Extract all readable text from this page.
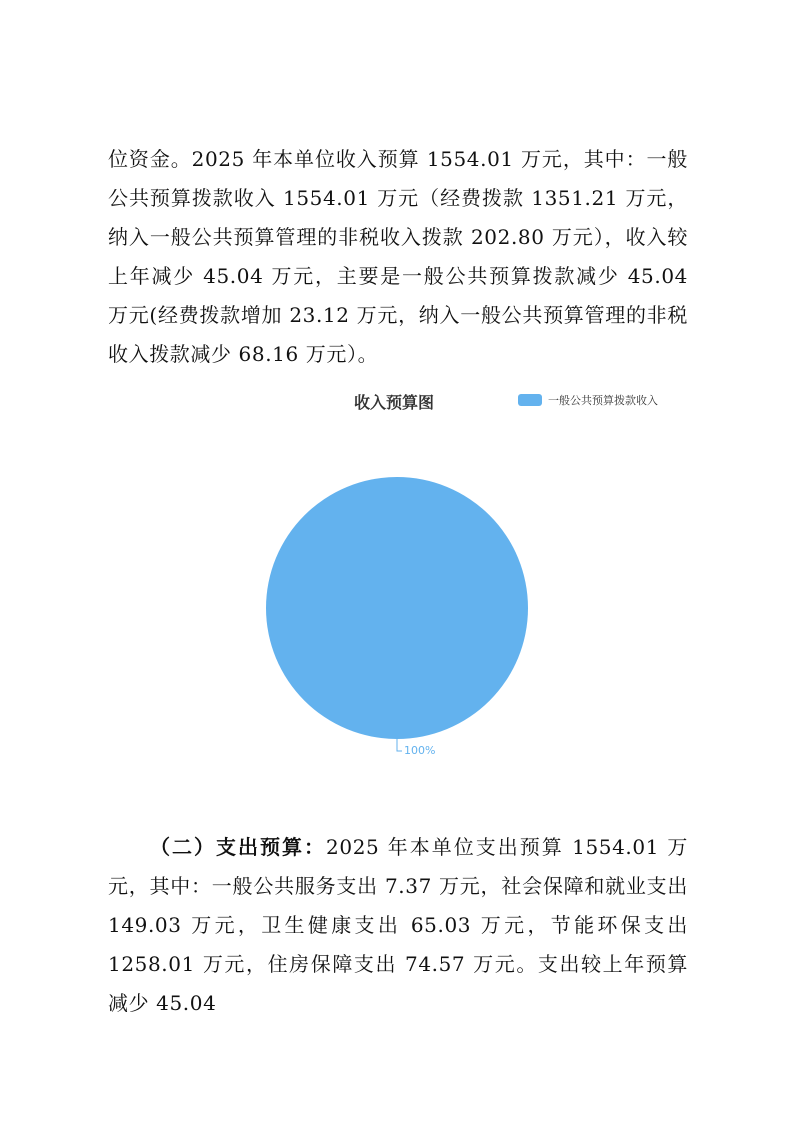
位资金。2025 年本单位收入预算 1554.01 万元，其中：一般公共预算拨款收入 1554.01 万元（经费拨款 1351.21 万元，纳入一般公共预算管理的非税收入拨款 202.80 万元），收入较上年减少 45.04 万元，主要是一般公共预算拨款减少 45.04 万元(经费拨款增加 23.12 万元，纳入一般公共预算管理的非税收入拨款减少 68.16 万元）。
收入预算图	一般公共预算拨款收入
100%
（二）支出预算：2025 年本单位支出预算 1554.01 万元，其中：一般公共服务支出 7.37 万元，社会保障和就业支出 149.03 万元，卫生健康支出 65.03 万元，节能环保支出 1258.01 万元，住房保障支出 74.57 万元。支出较上年预算减少 45.04
